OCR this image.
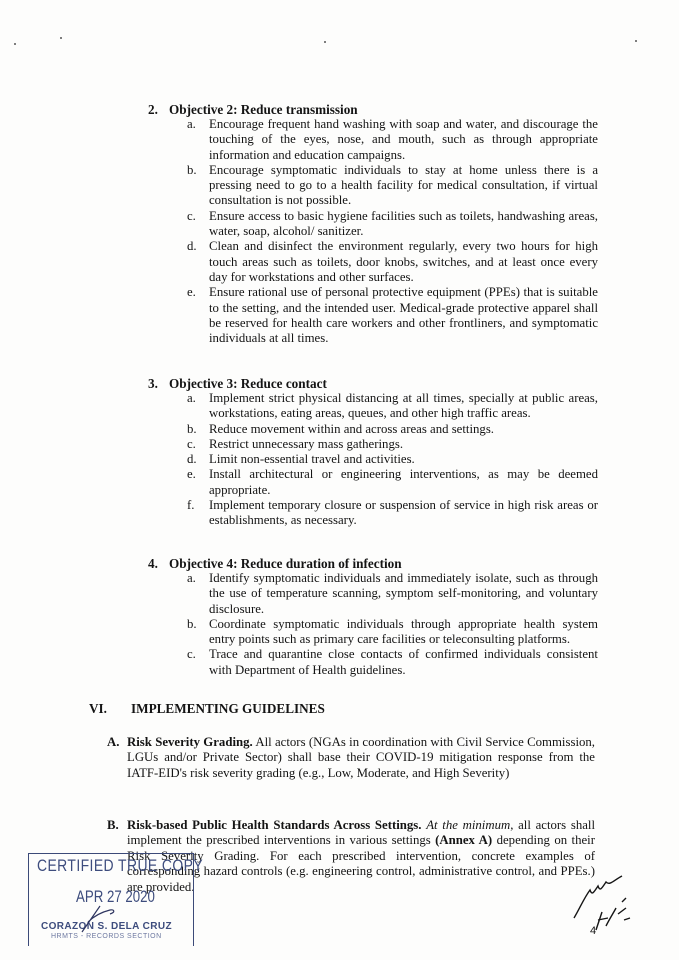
2. Objective 2: Reduce transmission
a. Encourage frequent hand washing with soap and water, and discourage the touching of the eyes, nose, and mouth, such as through appropriate information and education campaigns.
b. Encourage symptomatic individuals to stay at home unless there is a pressing need to go to a health facility for medical consultation, if virtual consultation is not possible.
c. Ensure access to basic hygiene facilities such as toilets, handwashing areas, water, soap, alcohol/ sanitizer.
d. Clean and disinfect the environment regularly, every two hours for high touch areas such as toilets, door knobs, switches, and at least once every day for workstations and other surfaces.
e. Ensure rational use of personal protective equipment (PPEs) that is suitable to the setting, and the intended user. Medical-grade protective apparel shall be reserved for health care workers and other frontliners, and symptomatic individuals at all times.
3. Objective 3: Reduce contact
a. Implement strict physical distancing at all times, specially at public areas, workstations, eating areas, queues, and other high traffic areas.
b. Reduce movement within and across areas and settings.
c. Restrict unnecessary mass gatherings.
d. Limit non-essential travel and activities.
e. Install architectural or engineering interventions, as may be deemed appropriate.
f. Implement temporary closure or suspension of service in high risk areas or establishments, as necessary.
4. Objective 4: Reduce duration of infection
a. Identify symptomatic individuals and immediately isolate, such as through the use of temperature scanning, symptom self-monitoring, and voluntary disclosure.
b. Coordinate symptomatic individuals through appropriate health system entry points such as primary care facilities or teleconsulting platforms.
c. Trace and quarantine close contacts of confirmed individuals consistent with Department of Health guidelines.
VI. IMPLEMENTING GUIDELINES
A. Risk Severity Grading. All actors (NGAs in coordination with Civil Service Commission, LGUs and/or Private Sector) shall base their COVID-19 mitigation response from the IATF-EID's risk severity grading (e.g., Low, Moderate, and High Severity)
B. Risk-based Public Health Standards Across Settings. At the minimum, all actors shall implement the prescribed interventions in various settings (Annex A) depending on their Risk Severity Grading. For each prescribed intervention, concrete examples of corresponding hazard controls (e.g. engineering control, administrative control, and PPEs.) are provided.
CERTIFIED TRUE COPY
APR 27 2020
CORAZON S. DELA CRUZ
HRMTS - RECORDS SECTION	4
